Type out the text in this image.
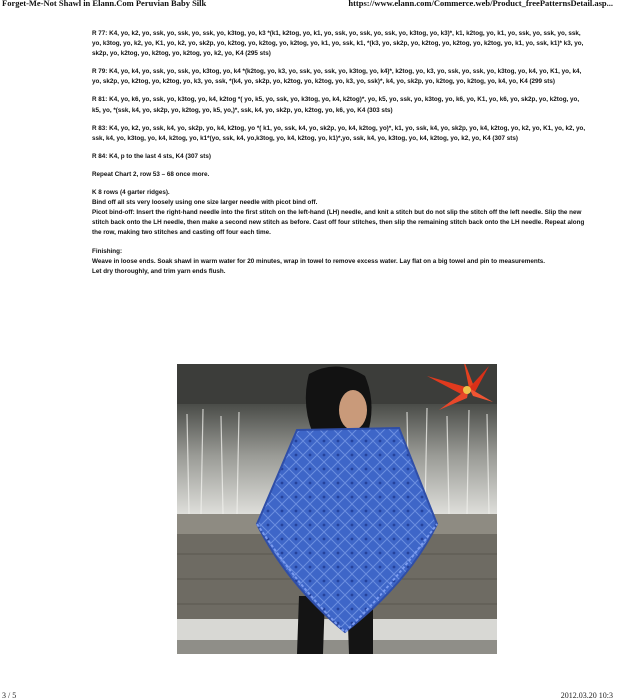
Forget-Me-Not Shawl in Elann.Com Peruvian Baby Silk	https://www.elann.com/Commerce.web/Product_freePatternsDetail.asp...

R 77: K4, yo, k2, yo, ssk, yo, ssk, yo, ssk, yo, k3tog, yo, k3 *(k1, k2tog, yo, k1, yo, ssk, yo, ssk, yo, ssk, yo, k3tog, yo, k3)*, k1, k2tog, yo, k1, yo, ssk, yo, ssk, yo, ssk, yo, k3tog, yo, k2, yo, K1, yo, k2, yo, sk2p, yo, k2tog, yo, k2tog, yo, k2tog, yo, k1, yo, ssk, k1, *(k3, yo, sk2p, yo, k2tog, yo, k2tog, yo, k2tog, yo, k1, yo, ssk, k1)* k3, yo, sk2p, yo, k2tog, yo, k2tog, yo, k2tog, yo, k2, yo, K4 (295 sts)

R 79: K4, yo, k4, yo, ssk, yo, ssk, yo, k3tog, yo, k4 *(k2tog, yo, k3, yo, ssk, yo, ssk, yo, k3tog, yo, k4)*, k2tog, yo, k3, yo, ssk, yo, ssk, yo, k3tog, yo, k4, yo, K1, yo, k4, yo, sk2p, yo, k2tog, yo, k2tog, yo, k3, yo, ssk, *(k4, yo, sk2p, yo, k2tog, yo, k2tog, yo, k3, yo, ssk)*, k4, yo, sk2p, yo, k2tog, yo, k2tog, yo, k4, yo, K4 (299 sts)

R 81: K4, yo, k6, yo, ssk, yo, k3tog, yo, k4, k2tog *( yo, k5, yo, ssk, yo, k3tog, yo, k4, k2tog)*, yo, k5, yo, ssk, yo, k3tog, yo, k6, yo, K1, yo, k6, yo, sk2p, yo, k2tog, yo, k5, yo, *(ssk, k4, yo, sk2p, yo, k2tog, yo, k5, yo,)*, ssk, k4, yo, sk2p, yo, k2tog, yo, k6, yo, K4 (303 sts)

R 83: K4, yo, k2, yo, ssk, k4, yo, sk2p, yo, k4, k2tog, yo *( k1, yo, ssk, k4, yo, sk2p, yo, k4, k2tog, yo)*, k1, yo, ssk, k4, yo, sk2p, yo, k4, k2tog, yo, k2, yo, K1, yo, k2, yo, ssk, k4, yo, k3tog, yo, k4, k2tog, yo, k1*(yo, ssk, k4, yo,k3tog, yo, k4, k2tog, yo, k1)*,yo, ssk, k4, yo, k3tog, yo, k4, k2tog, yo, k2, yo, K4 (307 sts)

R 84: K4, p to the last 4 sts, K4 (307 sts)

Repeat Chart 2, row 53 – 68 once more.

K 8 rows (4 garter ridges).
Bind off all sts very loosely using one size larger needle with picot bind off.
Picot bind-off: Insert the right-hand needle into the first stitch on the left-hand (LH) needle, and knit a stitch but do not slip the stitch off the left needle. Slip the new stitch back onto the LH needle, then make a second new stitch as before. Cast off four stitches, then slip the remaining stitch back onto the LH needle. Repeat along the row, making two stitches and casting off four each time.
Finishing:
Weave in loose ends. Soak shawl in warm water for 20 minutes, wrap in towel to remove excess water. Lay flat on a big towel and pin to measurements.
Let dry thoroughly, and trim yarn ends flush.
3 / 5	2012.03.20 10:3
